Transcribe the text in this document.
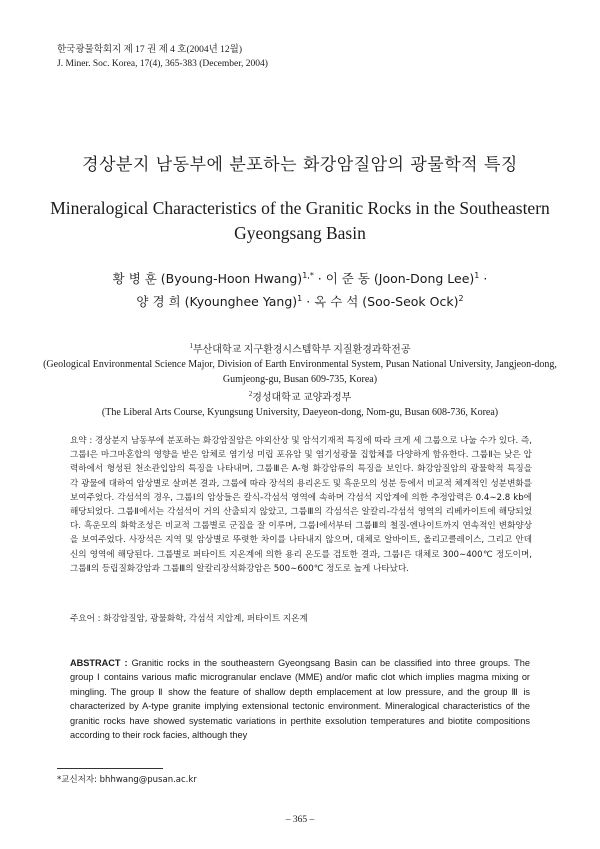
한국광물학회지 제 17 권 제 4 호(2004년 12월)
J. Miner. Soc. Korea, 17(4), 365-383 (December, 2004)
경상분지 남동부에 분포하는 화강암질암의 광물학적 특징
Mineralogical Characteristics of the Granitic Rocks in the Southeastern Gyeongsang Basin
황 병 훈 (Byoung-Hoon Hwang)$^{1,*}$ · 이 준 동 (Joon-Dong Lee)$^1$ ·
양 경 희 (Kyounghee Yang)$^1$ · 옥 수 석 (Soo-Seok Ock)$^2$
$^1$부산대학교 지구환경시스템학부 지질환경과학전공
(Geological Environmental Science Major, Division of Earth Environmental System, Pusan National University, Jangjeon-dong, Gumjeong-gu, Busan 609-735, Korea)
$^2$경성대학교 교양과정부
(The Liberal Arts Course, Kyungsung University, Daeyeon-dong, Nom-gu, Busan 608-736, Korea)
요약 : 경상분지 남동부에 분포하는 화강암질암은 야외산상 및 암석기재적 특징에 따라 크게 세 그룹으로 나눌 수가 있다. 즉, 그룹Ⅰ은 마그마혼합의 영향을 받은 암체로 염기성 미립 포유암 및 염기성광물 집합체를 다양하게 함유한다. 그룹Ⅱ는 낮은 압력하에서 형성된 천소관입암의 특징을 나타내며, 그룹Ⅲ은 A-형 화강암류의 특징을 보인다. 화강암질암의 광물학적 특징을 각 광물에 대하여 암상별로 살펴본 결과, 그룹에 따라 장석의 용리온도 및 흑운모의 성분 등에서 비교적 체계적인 성분변화를 보여주었다. 각섬석의 경우, 그룹Ⅰ의 암상들은 칼식-각섬석 영역에 속하며 각섬석 지압계에 의한 추정압력은 0.4∼2.8 kb에 해당되었다. 그룹Ⅱ에서는 각섬석이 거의 산출되지 않았고, 그룹Ⅲ의 각섬석은 알칼리-각섬석 영역의 리베카이트에 해당되었다. 흑운모의 화학조성은 비교적 그룹별로 군집을 잘 이루며, 그룹Ⅰ에서부터 그룹Ⅲ의 철질-엔나이트까지 연속적인 변화양상을 보여주었다. 사장석은 지역 및 암상별로 뚜렷한 차이를 나타내지 않으며, 대체로 알바이트, 올리고클레이스, 그리고 안데신의 영역에 해당된다. 그룹별로 퍼타이트 지온계에 의한 용리 온도를 검토한 결과, 그룹Ⅰ은 대체로 300∼400℃ 정도이며, 그룹Ⅱ의 등립질화강암과 그룹Ⅲ의 알칼리장석화강암은 500∼600℃ 정도로 높게 나타났다.
주요어 : 화강암질암, 광물화학, 각섬석 지압계, 퍼타이트 지온계
ABSTRACT : Granitic rocks in the southeastern Gyeongsang Basin can be classified into three groups. The group Ⅰ contains various mafic microgranular enclave (MME) and/or mafic clot which implies magma mixing or mingling. The group Ⅱ show the feature of shallow depth emplacement at low pressure, and the group Ⅲ is characterized by A-type granite implying extensional tectonic environment. Mineralogical characteristics of the granitic rocks have showed systematic variations in perthite exsolution temperatures and biotite compositions according to their rock facies, although they
*교신저자: bhhwang@pusan.ac.kr
– 365 –
